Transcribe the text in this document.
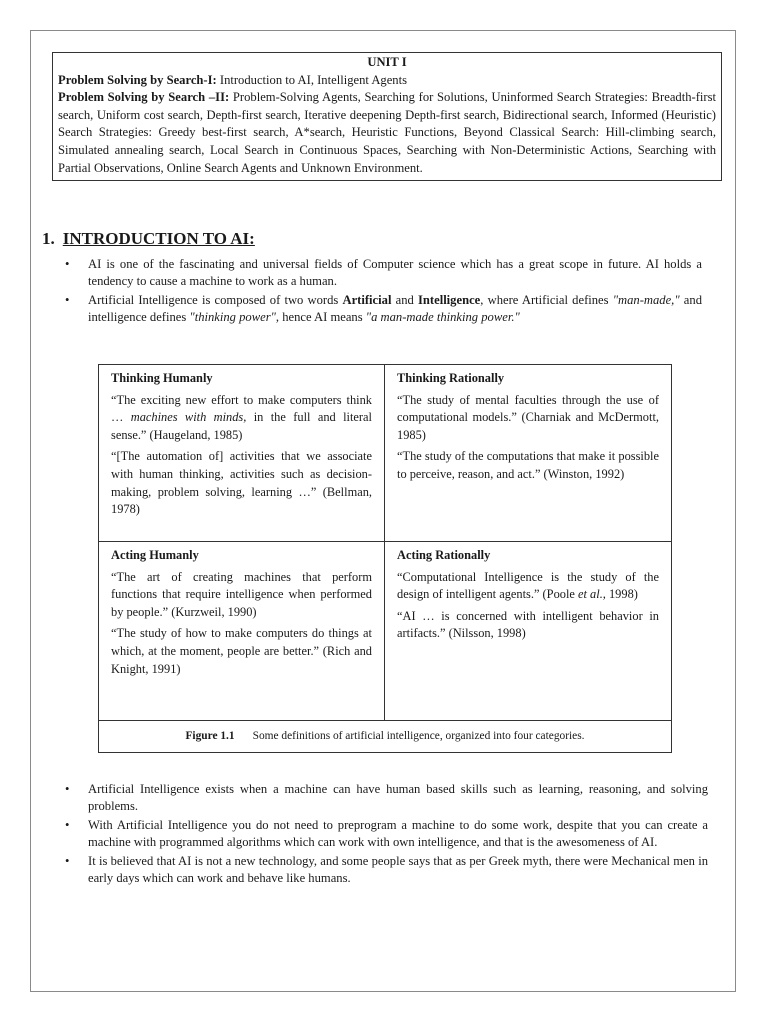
UNIT I
Problem Solving by Search-I: Introduction to AI, Intelligent Agents
Problem Solving by Search –II: Problem-Solving Agents, Searching for Solutions, Uninformed Search Strategies: Breadth-first search, Uniform cost search, Depth-first search, Iterative deepening Depth-first search, Bidirectional search, Informed (Heuristic) Search Strategies: Greedy best-first search, A*search, Heuristic Functions, Beyond Classical Search: Hill-climbing search, Simulated annealing search, Local Search in Continuous Spaces, Searching with Non-Deterministic Actions, Searching with Partial Observations, Online Search Agents and Unknown Environment.
1. INTRODUCTION TO AI:
• AI is one of the fascinating and universal fields of Computer science which has a great scope in future. AI holds a tendency to cause a machine to work as a human.
• Artificial Intelligence is composed of two words Artificial and Intelligence, where Artificial defines "man-made," and intelligence defines "thinking power", hence AI means "a man-made thinking power."
Thinking Humanly
“The exciting new effort to make computers think … machines with minds, in the full and literal sense.” (Haugeland, 1985)
“[The automation of] activities that we associate with human thinking, activities such as decision-making, problem solving, learning …” (Bellman, 1978)
Thinking Rationally
“The study of mental faculties through the use of computational models.” (Charniak and McDermott, 1985)
“The study of the computations that make it possible to perceive, reason, and act.” (Winston, 1992)
Acting Humanly
“The art of creating machines that perform functions that require intelligence when performed by people.” (Kurzweil, 1990)
“The study of how to make computers do things at which, at the moment, people are better.” (Rich and Knight, 1991)
Acting Rationally
“Computational Intelligence is the study of the design of intelligent agents.” (Poole et al., 1998)
“AI … is concerned with intelligent behavior in artifacts.” (Nilsson, 1998)
Figure 1.1 Some definitions of artificial intelligence, organized into four categories.
• Artificial Intelligence exists when a machine can have human based skills such as learning, reasoning, and solving problems.
• With Artificial Intelligence you do not need to preprogram a machine to do some work, despite that you can create a machine with programmed algorithms which can work with own intelligence, and that is the awesomeness of AI.
• It is believed that AI is not a new technology, and some people says that as per Greek myth, there were Mechanical men in early days which can work and behave like humans.
